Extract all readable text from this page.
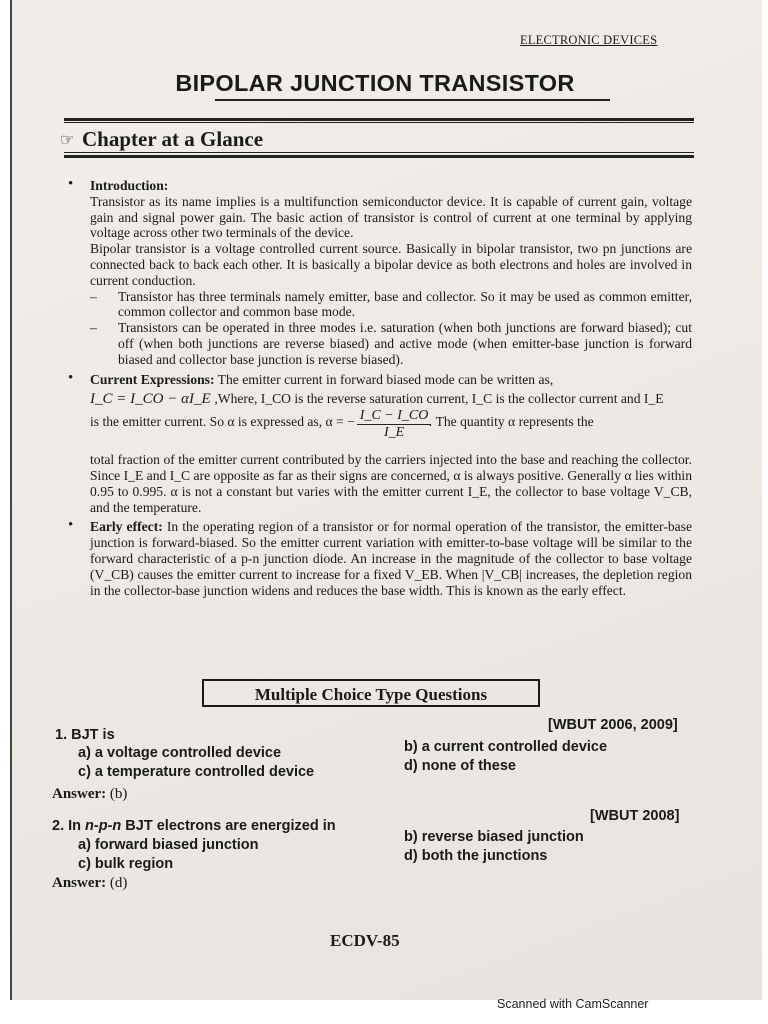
ELECTRONIC DEVICES
BIPOLAR JUNCTION TRANSISTOR
☞ Chapter at a Glance

• Introduction:

Transistor as its name implies is a multifunction semiconductor device. It is capable of current gain, voltage gain and signal power gain. The basic action of transistor is control of current at one terminal by applying voltage across other two terminals of the device.

Bipolar transistor is a voltage controlled current source. Basically in bipolar transistor, two pn junctions are connected back to back each other. It is basically a bipolar device as both electrons and holes are involved in current conduction.

– Transistor has three terminals namely emitter, base and collector. So it may be used as common emitter, common collector and common base mode.

– Transistors can be operated in three modes i.e. saturation (when both junctions are forward biased); cut off (when both junctions are reverse biased) and active mode (when emitter-base junction is forward biased and collector base junction is reverse biased).

• Current Expressions: The emitter current in forward biased mode can be written as,

I_C = I_CO − αI_E ,Where, I_CO is the reverse saturation current, I_C is the collector current and I_E

is the emitter current. So α is expressed as, α = − $\frac{I\_C - I\_CO}{I\_E}$
. The quantity α represents the

total fraction of the emitter current contributed by the carriers injected into the base and reaching the collector. Since I_E and I_C are opposite as far as their signs are concerned, α is always positive. Generally α lies within 0.95 to 0.995. α is not a constant but varies with the emitter current I_E, the collector to base voltage V_CB, and the temperature.

• Early effect: In the operating region of a transistor or for normal operation of the transistor, the emitter-base junction is forward-biased. So the emitter current variation with emitter-to-base voltage will be similar to the forward characteristic of a p-n junction diode. An increase in the magnitude of the collector to base voltage (V_CB) causes the emitter current to increase for a fixed V_EB. When |V_CB| increases, the depletion region in the collector-base junction widens and reduces the base width. This is known as the early effect.

Multiple Choice Type Questions
1. BJT is
[WBUT 2006, 2009]
a) a voltage controlled device	b) a current controlled device
c) a temperature controlled device	d) none of these
Answer: (b)
2. In n-p-n BJT electrons are energized in
[WBUT 2008]
a) forward biased junction	b) reverse biased junction
c) bulk region	d) both the junctions
Answer: (d)
ECDV-85
Scanned with CamScanner
